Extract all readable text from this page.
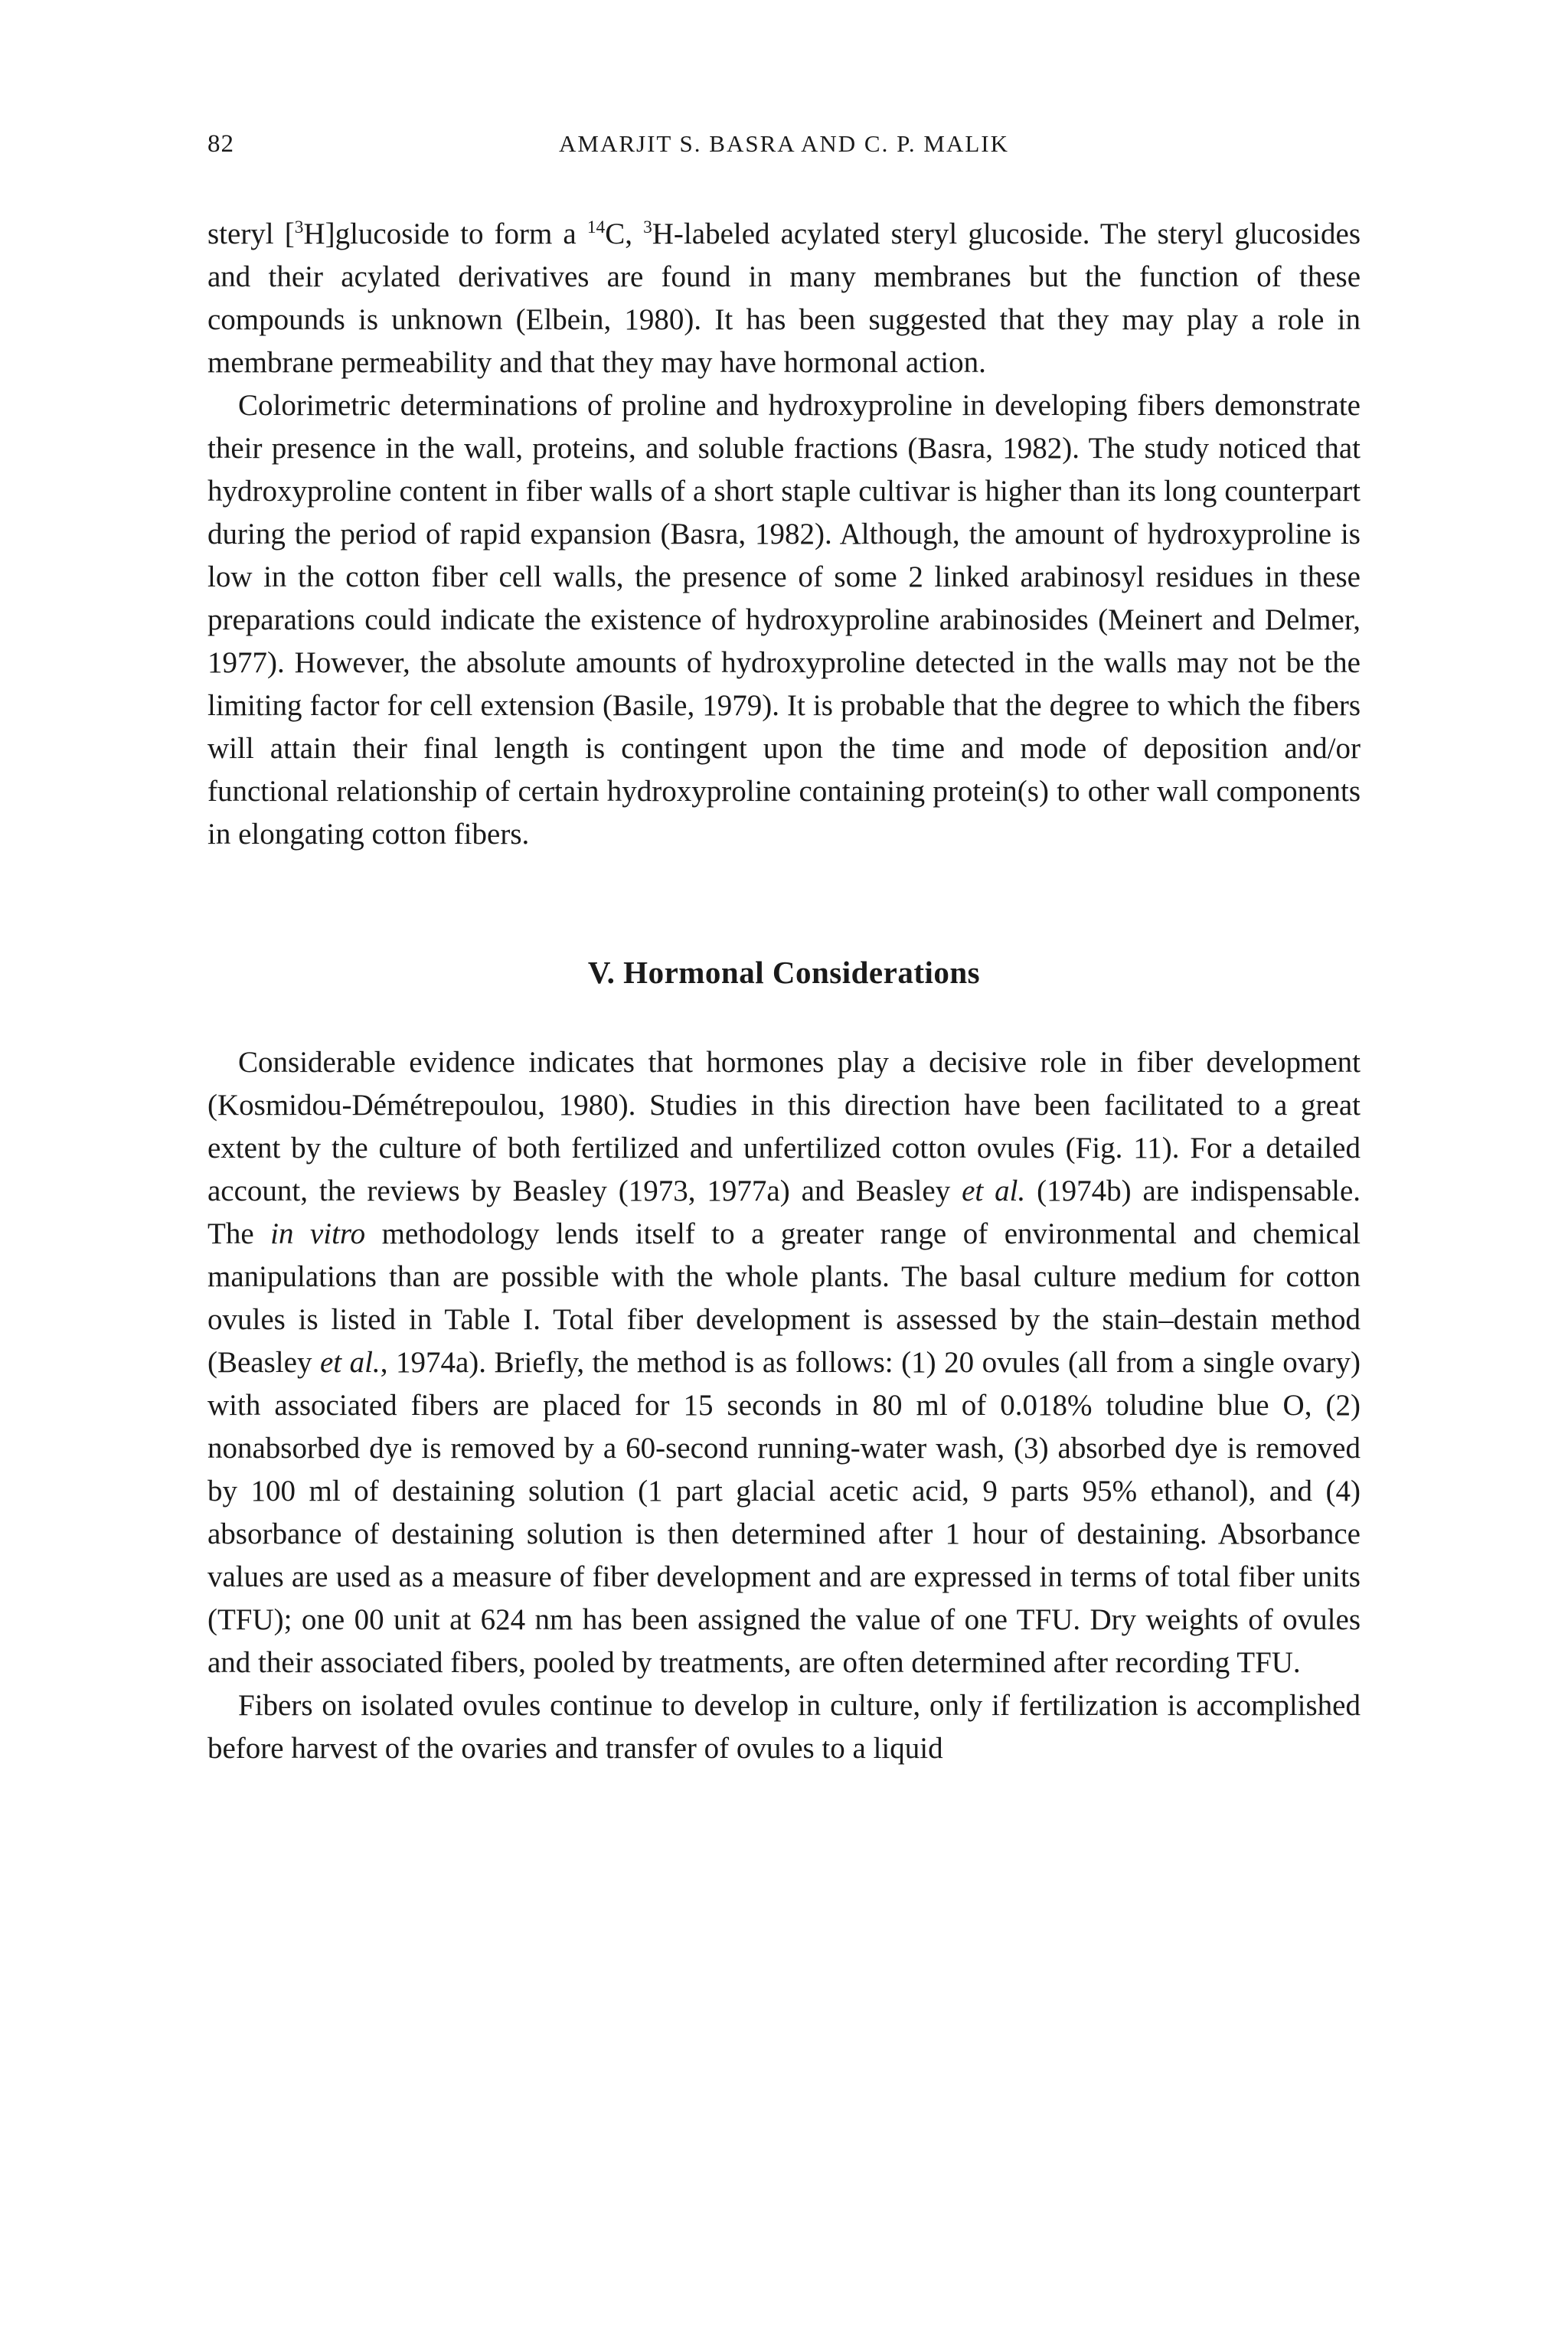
82	AMARJIT S. BASRA AND C. P. MALIK

steryl [$^3$H]glucoside to form a $^{14}$C, $^3$H-labeled acylated steryl glucoside. The steryl glucosides and their acylated derivatives are found in many membranes but the function of these compounds is unknown (Elbein, 1980). It has been suggested that they may play a role in membrane permeability and that they may have hormonal action.

Colorimetric determinations of proline and hydroxyproline in developing fibers demonstrate their presence in the wall, proteins, and soluble fractions (Basra, 1982). The study noticed that hydroxyproline content in fiber walls of a short staple cultivar is higher than its long counterpart during the period of rapid expansion (Basra, 1982). Although, the amount of hydroxyproline is low in the cotton fiber cell walls, the presence of some 2 linked arabinosyl residues in these preparations could indicate the existence of hydroxyproline arabinosides (Meinert and Delmer, 1977). However, the absolute amounts of hydroxyproline detected in the walls may not be the limiting factor for cell extension (Basile, 1979). It is probable that the degree to which the fibers will attain their final length is contingent upon the time and mode of deposition and/or functional relationship of certain hydroxyproline containing protein(s) to other wall components in elongating cotton fibers.

V. Hormonal Considerations

Considerable evidence indicates that hormones play a decisive role in fiber development (Kosmidou-Démétrepoulou, 1980). Studies in this direction have been facilitated to a great extent by the culture of both fertilized and unfertilized cotton ovules (Fig. 11). For a detailed account, the reviews by Beasley (1973, 1977a) and Beasley et al. (1974b) are indispensable. The in vitro methodology lends itself to a greater range of environmental and chemical manipulations than are possible with the whole plants. The basal culture medium for cotton ovules is listed in Table I. Total fiber development is assessed by the stain–destain method (Beasley et al., 1974a). Briefly, the method is as follows: (1) 20 ovules (all from a single ovary) with associated fibers are placed for 15 seconds in 80 ml of 0.018% toludine blue O, (2) nonabsorbed dye is removed by a 60-second running-water wash, (3) absorbed dye is removed by 100 ml of destaining solution (1 part glacial acetic acid, 9 parts 95% ethanol), and (4) absorbance of destaining solution is then determined after 1 hour of destaining. Absorbance values are used as a measure of fiber development and are expressed in terms of total fiber units (TFU); one 00 unit at 624 nm has been assigned the value of one TFU. Dry weights of ovules and their associated fibers, pooled by treatments, are often determined after recording TFU.

Fibers on isolated ovules continue to develop in culture, only if fertilization is accomplished before harvest of the ovaries and transfer of ovules to a liquid
